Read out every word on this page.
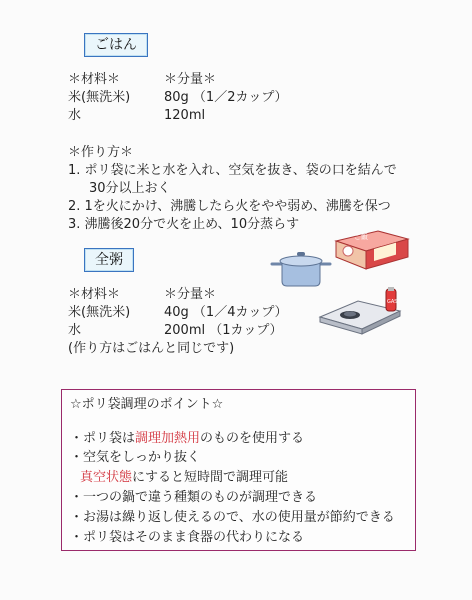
ごはん
＊材料＊	＊分量＊
米(無洗米)	80g （1／2カップ）
水	120ml
＊作り方＊
1. ポリ袋に米と水を入れ、空気を抜き、袋の口を結んで
30分以上おく
2. 1を火にかけ、沸騰したら火をやや弱め、沸騰を保つ
3. 沸騰後20分で火を止め、10分蒸らす
全粥
＊材料＊	＊分量＊
米(無洗米)	40g （1／4カップ）
水	200ml （1カップ）
(作り方はごはんと同じです)
ご飯
GAS
☆ポリ袋調理のポイント☆
・ポリ袋は調理加熱用のものを使用する
・空気をしっかり抜く
真空状態にすると短時間で調理可能
・一つの鍋で違う種類のものが調理できる
・お湯は繰り返し使えるので、水の使用量が節約できる
・ポリ袋はそのまま食器の代わりになる
